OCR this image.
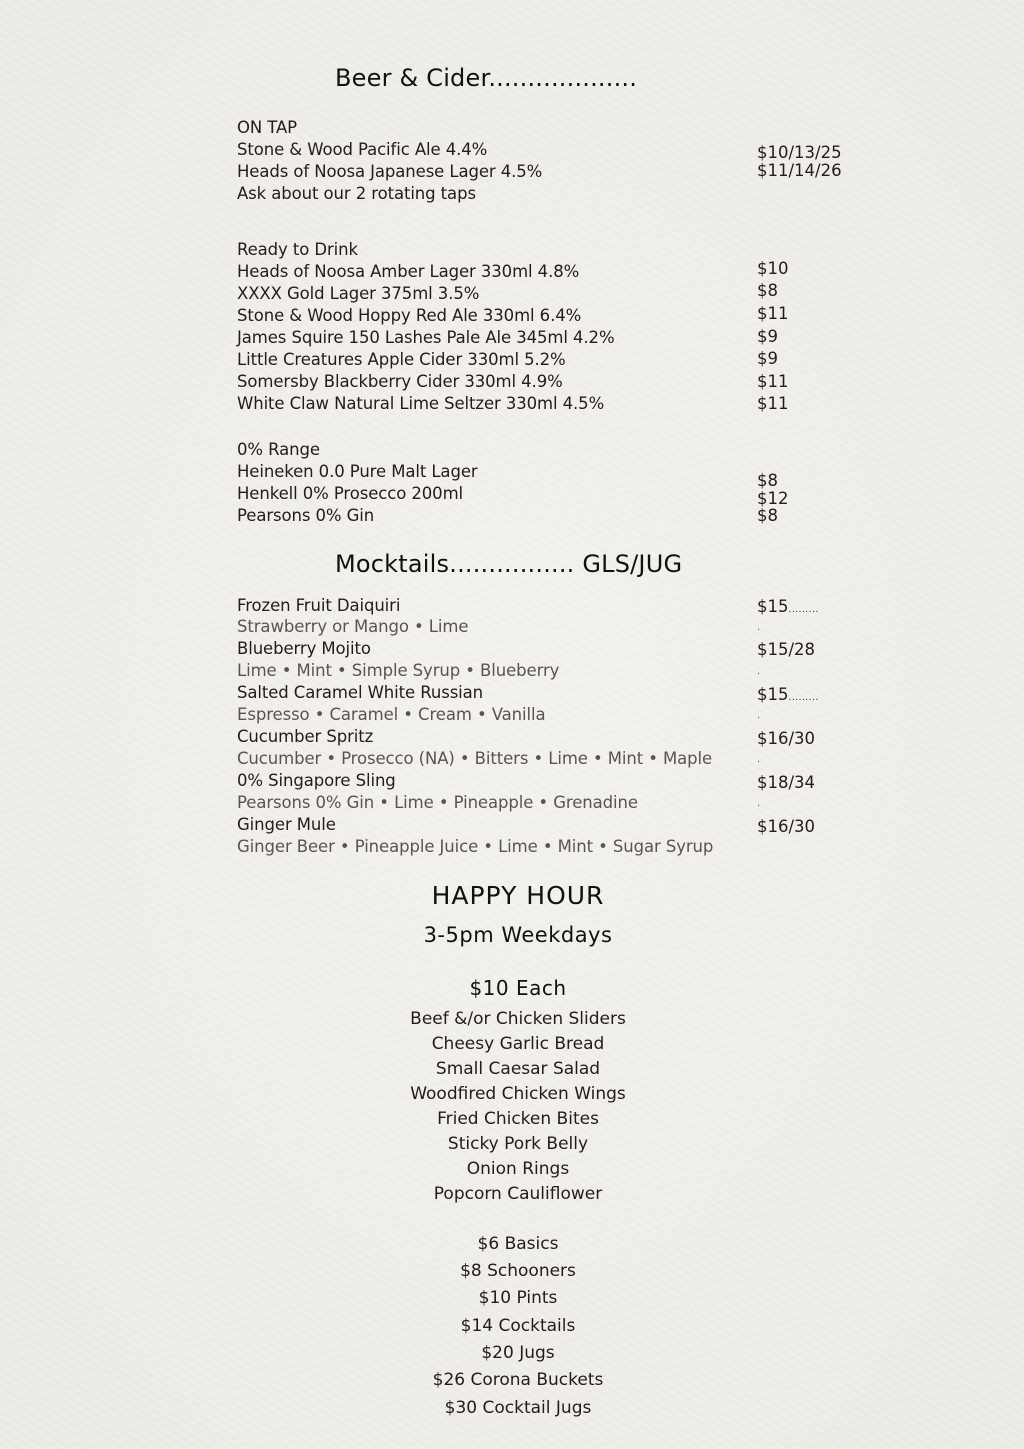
Beer & Cider...................
ON TAP
Stone & Wood Pacific Ale 4.4%	$10/13/25
Heads of Noosa Japanese Lager 4.5%	$11/14/26
Ask about our 2 rotating taps
Ready to Drink
Heads of Noosa Amber Lager 330ml 4.8%	$10
XXXX Gold Lager 375ml 3.5%	$8
Stone & Wood Hoppy Red Ale 330ml 6.4%	$11
James Squire 150 Lashes Pale Ale 345ml 4.2%	$9
Little Creatures Apple Cider 330ml 5.2%	$9
Somersby Blackberry Cider 330ml 4.9%	$11
White Claw Natural Lime Seltzer 330ml 4.5%	$11
0% Range
Heineken 0.0 Pure Malt Lager	$8
Henkell 0% Prosecco 200ml	$12
Pearsons 0% Gin	$8
Mocktails................ GLS/JUG
Frozen Fruit Daiquiri	$15.........
Strawberry or Mango • Lime	.
Blueberry Mojito	$15/28
Lime • Mint • Simple Syrup • Blueberry	.
Salted Caramel White Russian	$15.........
Espresso • Caramel • Cream • Vanilla	.
Cucumber Spritz	$16/30
Cucumber • Prosecco (NA) • Bitters • Lime • Mint • Maple	.
0% Singapore Sling	$18/34
Pearsons 0% Gin • Lime • Pineapple • Grenadine	.
Ginger Mule	$16/30
Ginger Beer • Pineapple Juice • Lime • Mint • Sugar Syrup
HAPPY HOUR
3-5pm Weekdays
$10 Each
Beef &/or Chicken Sliders
Cheesy Garlic Bread
Small Caesar Salad
Woodfired Chicken Wings
Fried Chicken Bites
Sticky Pork Belly
Onion Rings
Popcorn Cauliflower
$6 Basics
$8 Schooners
$10 Pints
$14 Cocktails
$20 Jugs
$26 Corona Buckets
$30 Cocktail Jugs
